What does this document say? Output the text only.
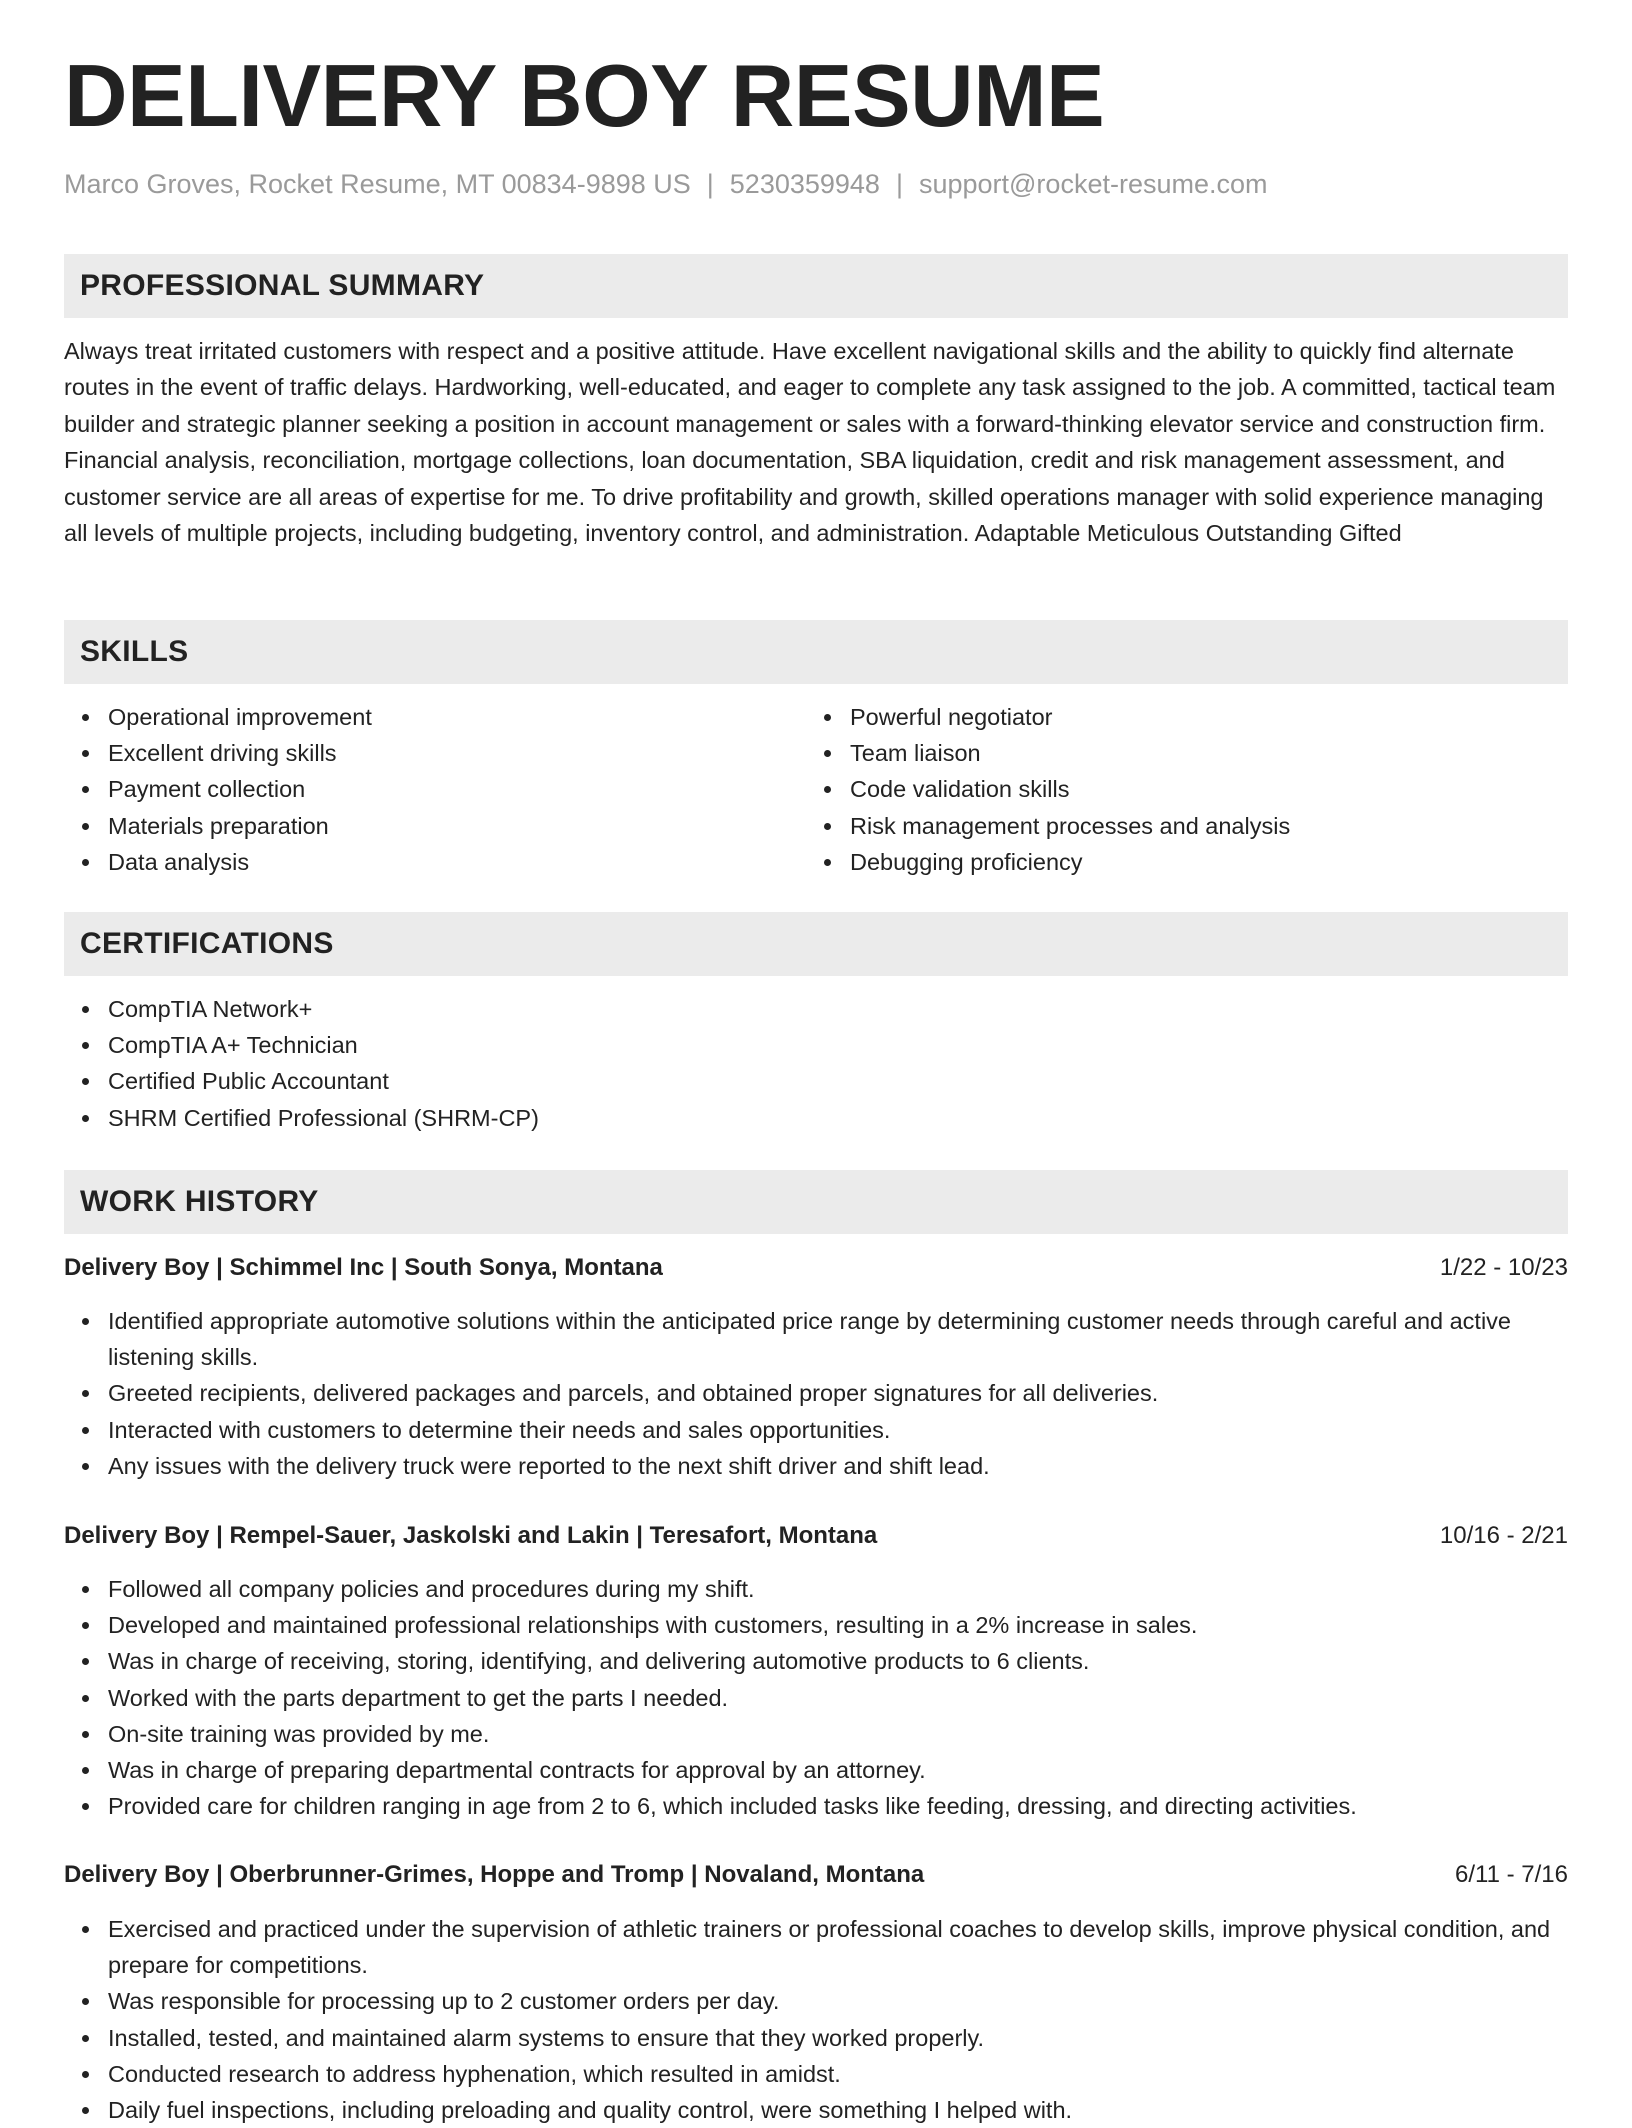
DELIVERY BOY RESUME
Marco Groves, Rocket Resume, MT 00834-9898 US | 5230359948 | support@rocket-resume.com
PROFESSIONAL SUMMARY

Always treat irritated customers with respect and a positive attitude. Have excellent navigational skills and the ability to quickly find alternate routes in the event of traffic delays. Hardworking, well-educated, and eager to complete any task assigned to the job. A committed, tactical team builder and strategic planner seeking a position in account management or sales with a forward-thinking elevator service and construction firm. Financial analysis, reconciliation, mortgage collections, loan documentation, SBA liquidation, credit and risk management assessment, and customer service are all areas of expertise for me. To drive profitability and growth, skilled operations manager with solid experience managing all levels of multiple projects, including budgeting, inventory control, and administration. Adaptable Meticulous Outstanding Gifted

SKILLS
Operational improvement
Excellent driving skills
Payment collection
Materials preparation
Data analysis
Powerful negotiator
Team liaison
Code validation skills
Risk management processes and analysis
Debugging proficiency
CERTIFICATIONS
CompTIA Network+
CompTIA A+ Technician
Certified Public Accountant
SHRM Certified Professional (SHRM-CP)
WORK HISTORY
Delivery Boy | Schimmel Inc | South Sonya, Montana	1/22 - 10/23
Identified appropriate automotive solutions within the anticipated price range by determining customer needs through careful and active listening skills.
Greeted recipients, delivered packages and parcels, and obtained proper signatures for all deliveries.
Interacted with customers to determine their needs and sales opportunities.
Any issues with the delivery truck were reported to the next shift driver and shift lead.
Delivery Boy | Rempel-Sauer, Jaskolski and Lakin | Teresafort, Montana	10/16 - 2/21
Followed all company policies and procedures during my shift.
Developed and maintained professional relationships with customers, resulting in a 2% increase in sales.
Was in charge of receiving, storing, identifying, and delivering automotive products to 6 clients.
Worked with the parts department to get the parts I needed.
On-site training was provided by me.
Was in charge of preparing departmental contracts for approval by an attorney.
Provided care for children ranging in age from 2 to 6, which included tasks like feeding, dressing, and directing activities.
Delivery Boy | Oberbrunner-Grimes, Hoppe and Tromp | Novaland, Montana	6/11 - 7/16
Exercised and practiced under the supervision of athletic trainers or professional coaches to develop skills, improve physical condition, and prepare for competitions.
Was responsible for processing up to 2 customer orders per day.
Installed, tested, and maintained alarm systems to ensure that they worked properly.
Conducted research to address hyphenation, which resulted in amidst.
Daily fuel inspections, including preloading and quality control, were something I helped with.
